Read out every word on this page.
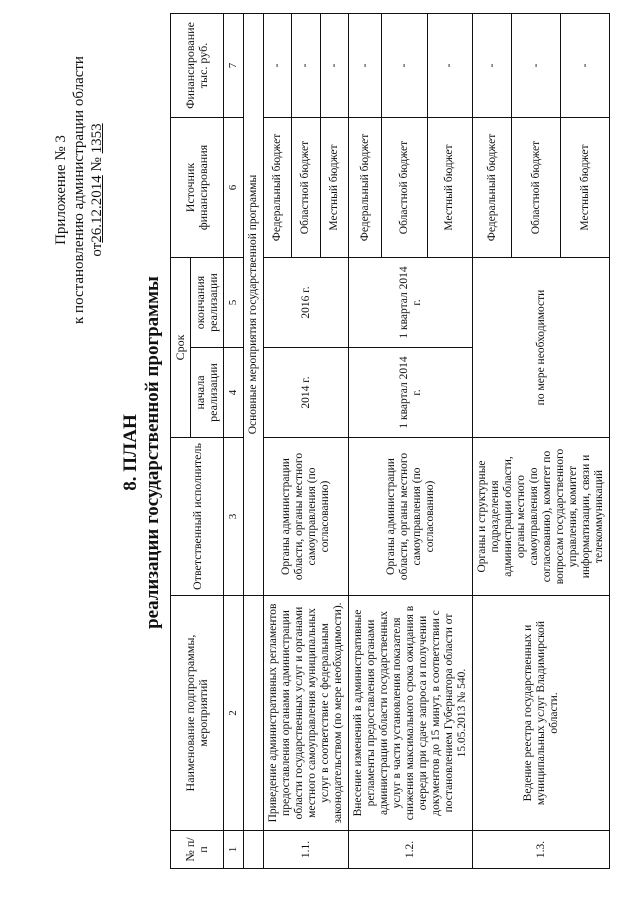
Приложение № 3 к постановлению администрации области от26.12.2014 № 1353
8. ПЛАН реализации государственной программы
№ п/п	Наименование подпрограммы, мероприятий	Ответственный исполнитель	Срок		Источник финансирования	Финансирование тыс. руб.
			начала реализации	окончания реализации		
1	2	3	4	5	6	7
		Основные мероприятия государственной программы				
1.1.	Приведение административных регламентов предоставления органами администрации области государственных услуг и органами местного самоуправления муниципальных услуг в соответствие с федеральным законодательством (по мере необходимости).	Органы администрации области, органы местного самоуправления (по согласованию)	2014 г.	2016 г.	Федеральный бюджет	-
					Областной бюджет	-
					Местный бюджет	-
1.2.	Внесение изменений в административные регламенты предоставления органами администрации области государственных услуг в части установления показателя снижения максимального срока ожидания в очереди при сдаче запроса и получении документов до 15 минут, в соответствии с постановлением Губернатора области от 15.05.2013 № 540.	Органы администрации области, органы местного самоуправления (по согласованию)	1 квартал 2014 г.	1 квартал 2014 г.	Федеральный бюджет	-
					Областной бюджет	-
					Местный бюджет	-
1.3.	Ведение реестра государственных и муниципальных услуг Владимирской области.	Органы и структурные подразделения администрации области, органы местного самоуправления (по согласованию), комитет по вопросам государственного управления, комитет информатизации, связи и телекоммуникаций	по мере необходимости		Федеральный бюджет	-
					Областной бюджет	-
					Местный бюджет	-
